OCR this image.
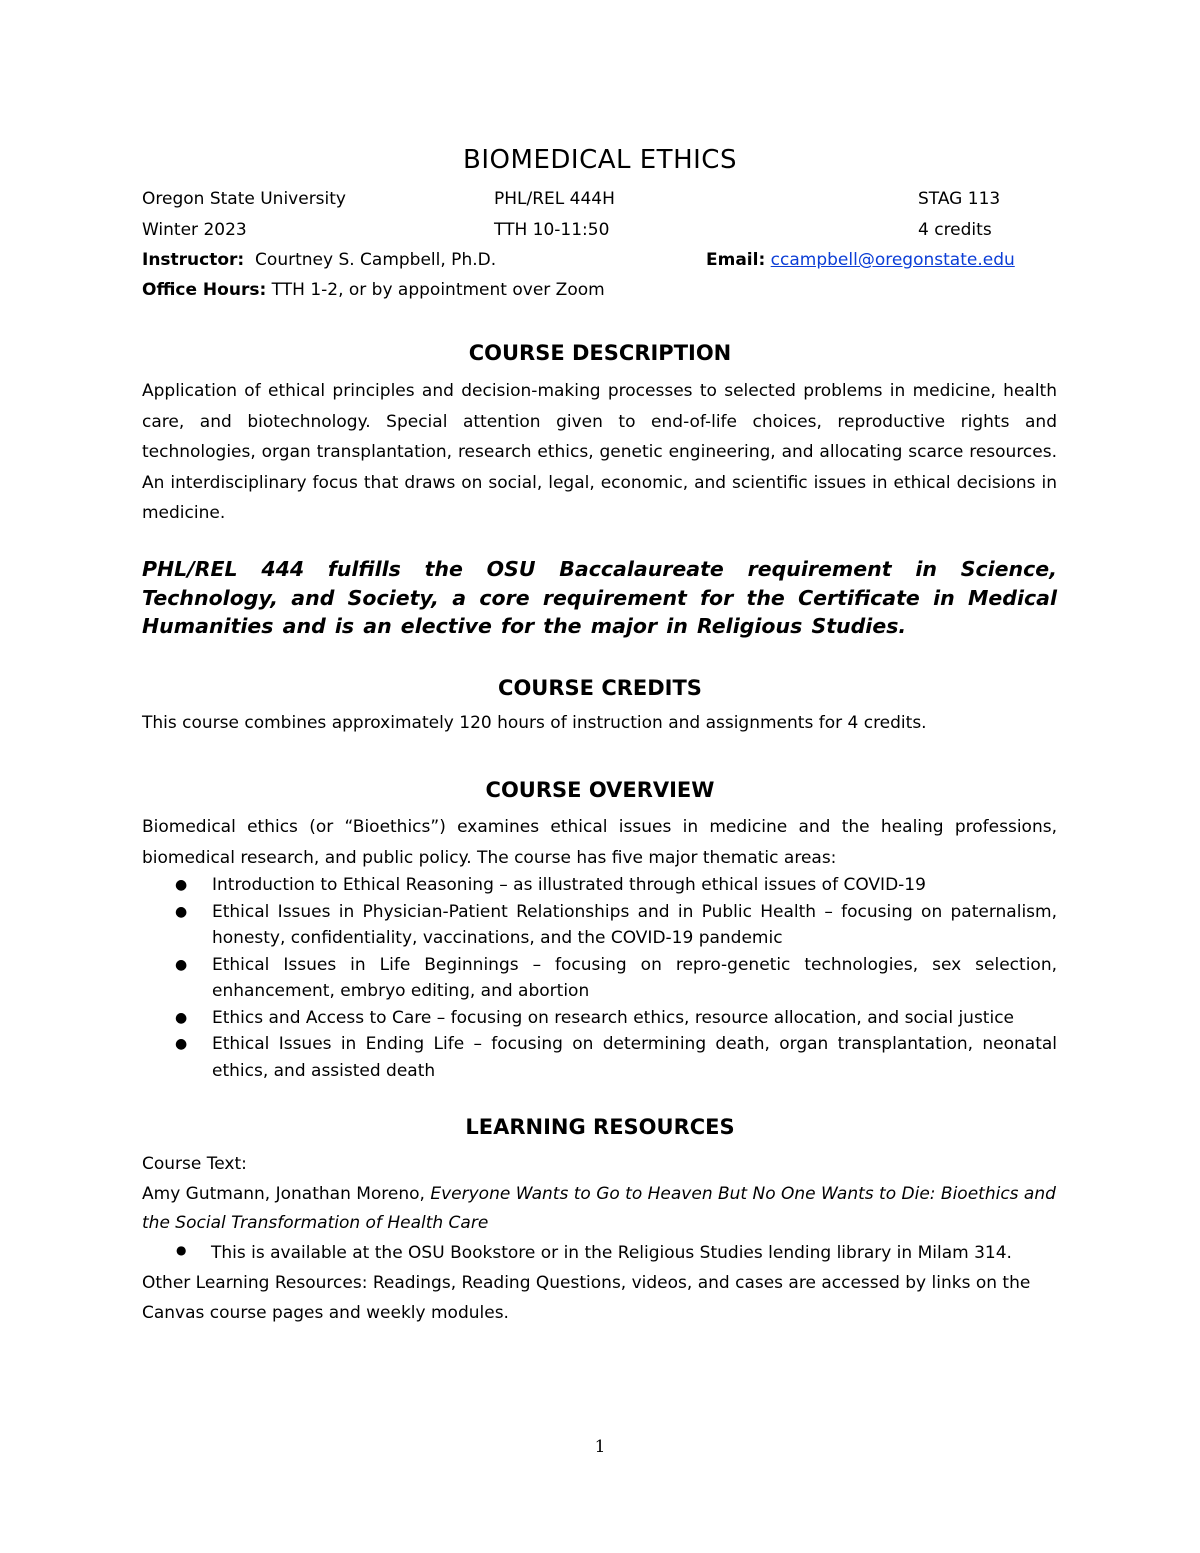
BIOMEDICAL ETHICS
Oregon State University	PHL/REL 444H	STAG 113
Winter 2023	TTH 10-11:50	4 credits
Instructor: Courtney S. Campbell, Ph.D.	Email: ccampbell@oregonstate.edu
Office Hours: TTH 1-2, or by appointment over Zoom
COURSE DESCRIPTION
Application of ethical principles and decision-making processes to selected problems in medicine, health care, and biotechnology. Special attention given to end-of-life choices, reproductive rights and technologies, organ transplantation, research ethics, genetic engineering, and allocating scarce resources. An interdisciplinary focus that draws on social, legal, economic, and scientific issues in ethical decisions in medicine.
PHL/REL 444 fulfills the OSU Baccalaureate requirement in Science, Technology, and Society, a core requirement for the Certificate in Medical Humanities and is an elective for the major in Religious Studies.
COURSE CREDITS
This course combines approximately 120 hours of instruction and assignments for 4 credits.
COURSE OVERVIEW
Biomedical ethics (or “Bioethics”) examines ethical issues in medicine and the healing professions, biomedical research, and public policy. The course has five major thematic areas:
● Introduction to Ethical Reasoning – as illustrated through ethical issues of COVID-19
● Ethical Issues in Physician-Patient Relationships and in Public Health – focusing on paternalism, honesty, confidentiality, vaccinations, and the COVID-19 pandemic
● Ethical Issues in Life Beginnings – focusing on repro-genetic technologies, sex selection, enhancement, embryo editing, and abortion
● Ethics and Access to Care – focusing on research ethics, resource allocation, and social justice
● Ethical Issues in Ending Life – focusing on determining death, organ transplantation, neonatal ethics, and assisted death
LEARNING RESOURCES
Course Text:
Amy Gutmann, Jonathan Moreno, Everyone Wants to Go to Heaven But No One Wants to Die: Bioethics and the Social Transformation of Health Care
● This is available at the OSU Bookstore or in the Religious Studies lending library in Milam 314.
Other Learning Resources: Readings, Reading Questions, videos, and cases are accessed by links on the Canvas course pages and weekly modules.
1
